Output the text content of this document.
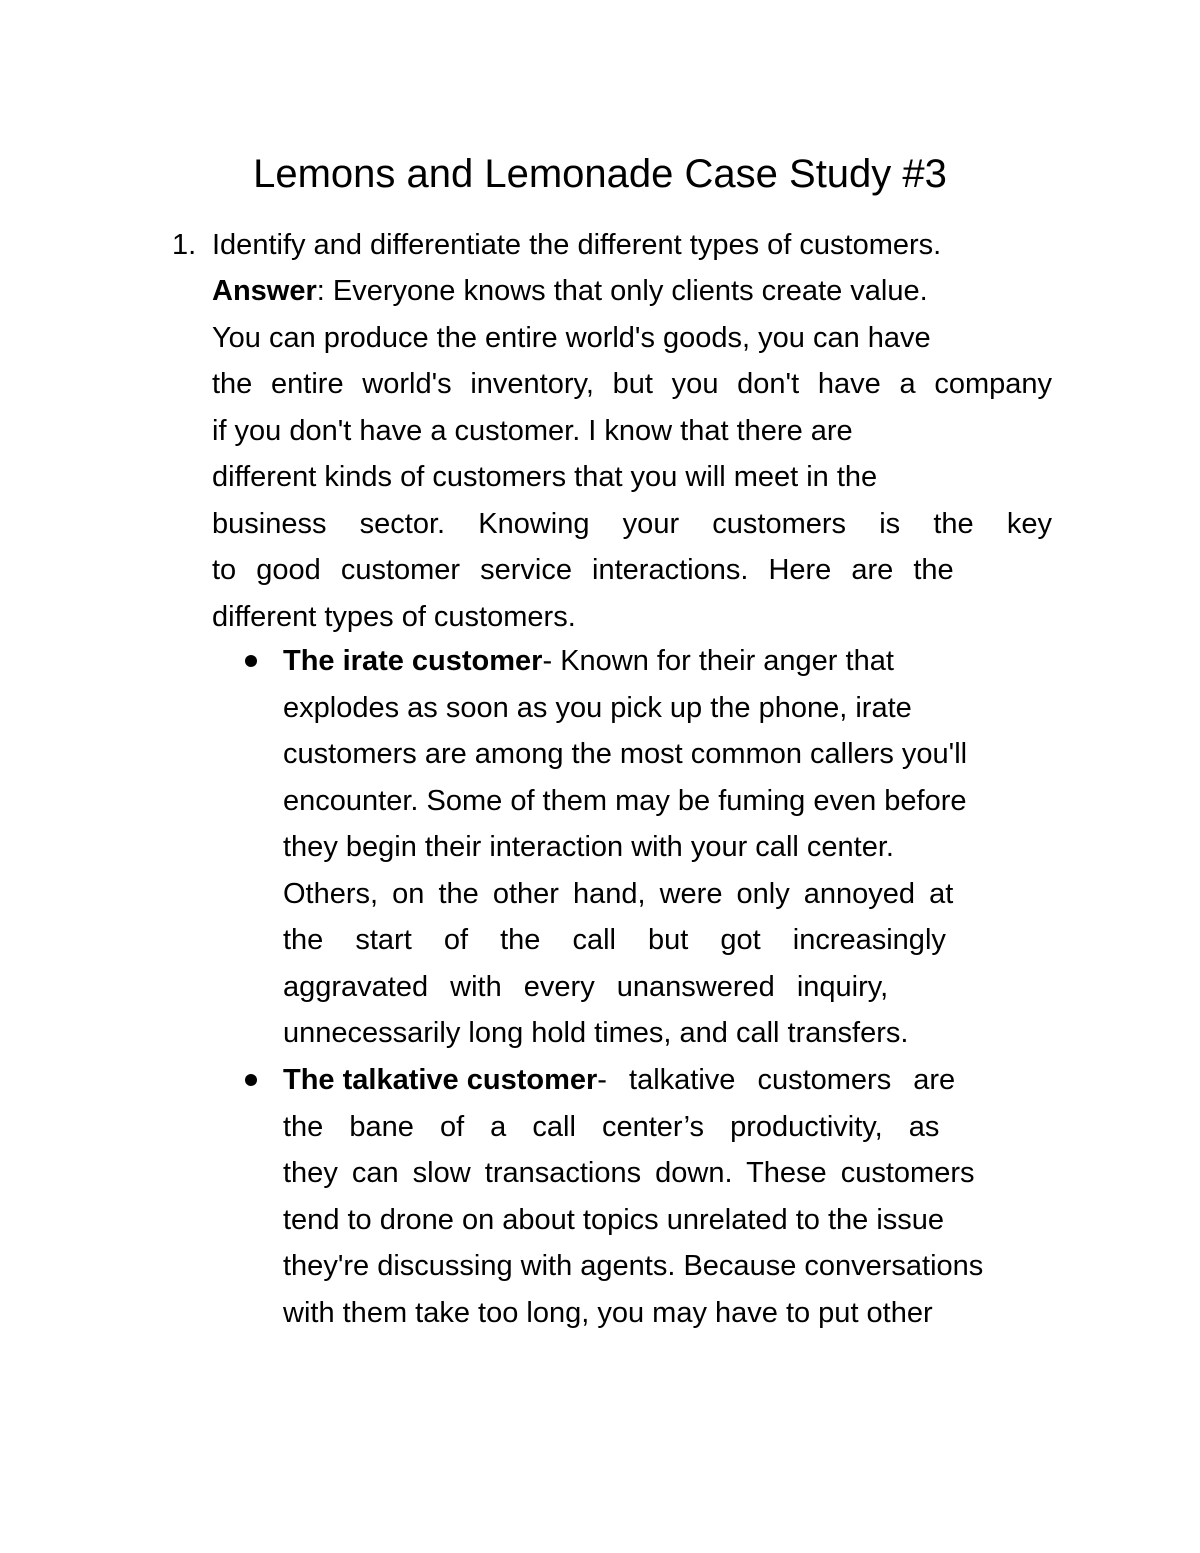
Lemons and Lemonade Case Study #3
1. Identify and differentiate the different types of customers.
Answer: Everyone knows that only clients create value.
You can produce the entire world's goods, you can have
the entire world's inventory, but you don't have a company
if you don't have a customer. I know that there are
different kinds of customers that you will meet in the
business sector. Knowing your customers is the key
to good customer service interactions. Here are the
different types of customers.
The irate customer- Known for their anger that
explodes as soon as you pick up the phone, irate
customers are among the most common callers you'll
encounter. Some of them may be fuming even before
they begin their interaction with your call center.
Others, on the other hand, were only annoyed at
the start of the call but got increasingly
aggravated with every unanswered inquiry,
unnecessarily long hold times, and call transfers.
The talkative customer- talkative customers are
the bane of a call center’s productivity, as
they can slow transactions down. These customers
tend to drone on about topics unrelated to the issue
they're discussing with agents. Because conversations
with them take too long, you may have to put other
